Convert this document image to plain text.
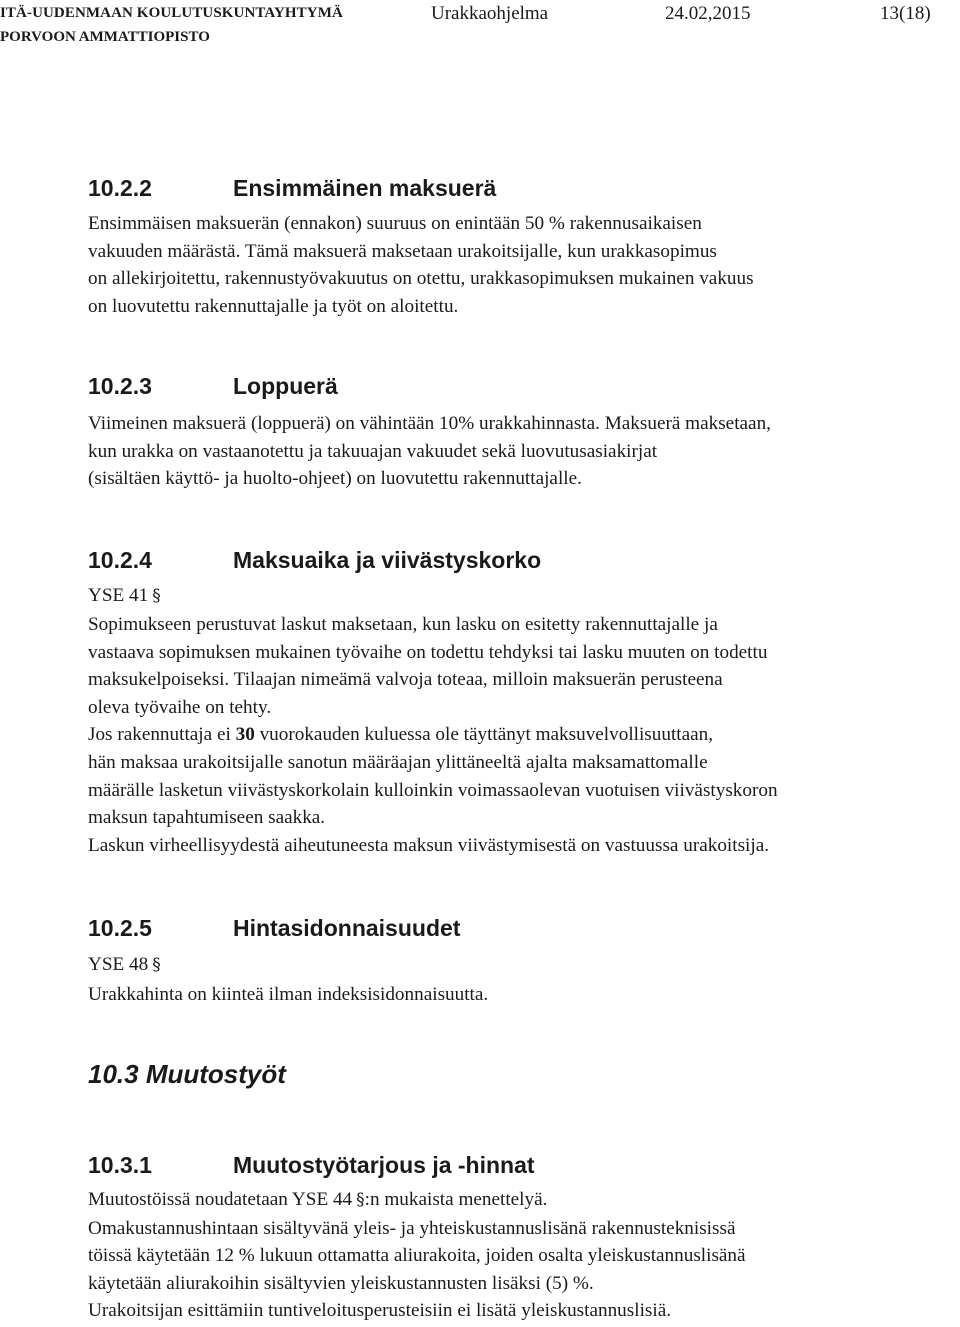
ITÄ-UUDENMAAN KOULUTUSKUNTAYHTYMÄ
PORVOON AMMATTIOPISTO
Urakkaohjelma	24.02,2015	13(18)
10.2.2	Ensimmäinen maksuerä
Ensimmäisen maksuerän (ennakon) suuruus on enintään 50 % rakennusaikaisen
vakuuden määrästä. Tämä maksuerä maksetaan urakoitsijalle, kun urakkasopimus
on allekirjoitettu, rakennustyövakuutus on otettu, urakkasopimuksen mukainen vakuus
on luovutettu rakennuttajalle ja työt on aloitettu.
10.2.3	Loppuerä
Viimeinen maksuerä (loppuerä) on vähintään 10% urakkahinnasta. Maksuerä maksetaan,
kun urakka on vastaanotettu ja takuuajan vakuudet sekä luovutusasiakirjat
(sisältäen käyttö- ja huolto-ohjeet) on luovutettu rakennuttajalle.
10.2.4	Maksuaika ja viivästyskorko
YSE 41 §
Sopimukseen perustuvat laskut maksetaan, kun lasku on esitetty rakennuttajalle ja
vastaava sopimuksen mukainen työvaihe on todettu tehdyksi tai lasku muuten on todettu
maksukelpoiseksi. Tilaajan nimeämä valvoja toteaa, milloin maksuerän perusteena
oleva työvaihe on tehty.
Jos rakennuttaja ei 30 vuorokauden kuluessa ole täyttänyt maksuvelvollisuuttaan,
hän maksaa urakoitsijalle sanotun määräajan ylittäneeltä ajalta maksamattomalle
määrälle lasketun viivästyskorkolain kulloinkin voimassaolevan vuotuisen viivästyskoron
maksun tapahtumiseen saakka.
Laskun virheellisyydestä aiheutuneesta maksun viivästymisestä on vastuussa urakoitsija.
10.2.5	Hintasidonnaisuudet
YSE 48 §
Urakkahinta on kiinteä ilman indeksisidonnaisuutta.
10.3 Muutostyöt
10.3.1	Muutostyötarjous ja -hinnat
Muutostöissä noudatetaan YSE 44 §:n mukaista menettelyä.
Omakustannushintaan sisältyvänä yleis- ja yhteiskustannuslisänä rakennusteknisissä
töissä käytetään 12 % lukuun ottamatta aliurakoita, joiden osalta yleiskustannuslisänä
käytetään aliurakoihin sisältyvien yleiskustannusten lisäksi (5) %.
Urakoitsijan esittämiin tuntiveloitusperusteisiin ei lisätä yleiskustannuslisiä.
